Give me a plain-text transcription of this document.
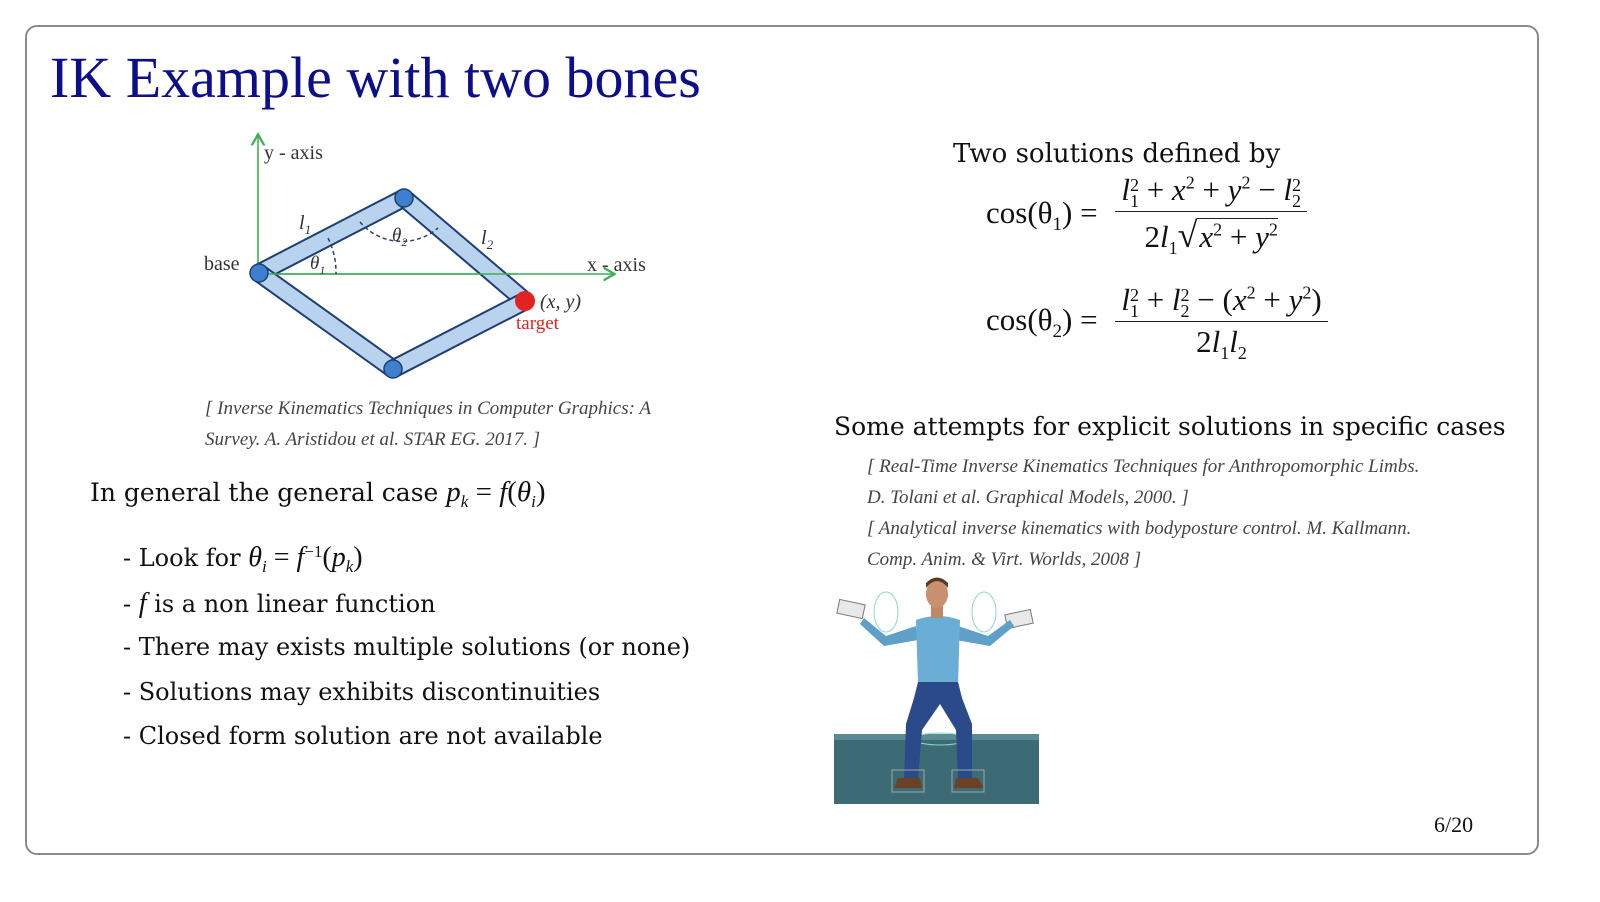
IK Example with two bones
y - axis
x - axis
base
$l_1$	$l_2$
$\theta_1$
$\theta_2$
(x, y)
target
[ Inverse Kinematics Techniques in Computer Graphics: A
Survey. A. Aristidou et al. STAR EG. 2017. ]
In general the general case $p_k = f(\theta_i)$
- Look for $\theta_i = f^{-1}(p_k)$
- f is a non linear function
- There may exists multiple solutions (or none)
- Solutions may exhibits discontinuities
- Closed form solution are not available
Two solutions defined by
$\cos(\theta_1) = l$ 2
$1 + x^2 + y^2 - l$ 2
2
$2l_1√x^2 + y^2$
$\cos(\theta_2) = l$ 2
1 + l 2
$2 - (x^2 + y^2)$
$2l_1l_2$
Some attempts for explicit solutions in specific cases
[ Real-Time Inverse Kinematics Techniques for Anthropomorphic Limbs.
D. Tolani et al. Graphical Models, 2000. ]
[ Analytical inverse kinematics with bodyposture control. M. Kallmann.
Comp. Anim. & Virt. Worlds, 2008 ]
6/20
